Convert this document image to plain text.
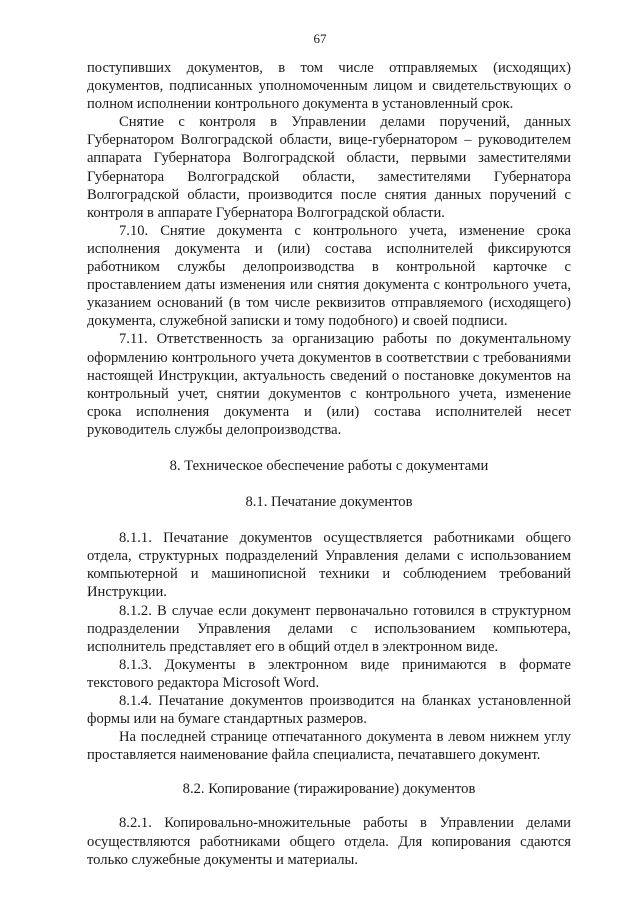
67

поступивших документов, в том числе отправляемых (исходящих) документов, подписанных уполномоченным лицом и свидетельствующих о полном исполнении контрольного документа в установленный срок.

Снятие с контроля в Управлении делами поручений, данных Губернатором Волгоградской области, вице-губернатором – руководителем аппарата Губернатора Волгоградской области, первыми заместителями Губернатора Волгоградской области, заместителями Губернатора Волгоградской области, производится после снятия данных поручений с контроля в аппарате Губернатора Волгоградской области.

7.10. Снятие документа с контрольного учета, изменение срока исполнения документа и (или) состава исполнителей фиксируются работником службы делопроизводства в контрольной карточке с проставлением даты изменения или снятия документа с контрольного учета, указанием оснований (в том числе реквизитов отправляемого (исходящего) документа, служебной записки и тому подобного) и своей подписи.

7.11. Ответственность за организацию работы по документальному оформлению контрольного учета документов в соответствии с требованиями настоящей Инструкции, актуальность сведений о постановке документов на контрольный учет, снятии документов с контрольного учета, изменение срока исполнения документа и (или) состава исполнителей несет руководитель службы делопроизводства.

8. Техническое обеспечение работы с документами

8.1. Печатание документов

8.1.1. Печатание документов осуществляется работниками общего отдела, структурных подразделений Управления делами с использованием компьютерной и машинописной техники и соблюдением требований Инструкции.

8.1.2. В случае если документ первоначально готовился в структурном подразделении Управления делами с использованием компьютера, исполнитель представляет его в общий отдел в электронном виде.

8.1.3. Документы в электронном виде принимаются в формате текстового редактора Microsoft Word.

8.1.4. Печатание документов производится на бланках установленной формы или на бумаге стандартных размеров.

На последней странице отпечатанного документа в левом нижнем углу проставляется наименование файла специалиста, печатавшего документ.

8.2. Копирование (тиражирование) документов

8.2.1. Копировально-множительные работы в Управлении делами осуществляются работниками общего отдела. Для копирования сдаются только служебные документы и материалы.
